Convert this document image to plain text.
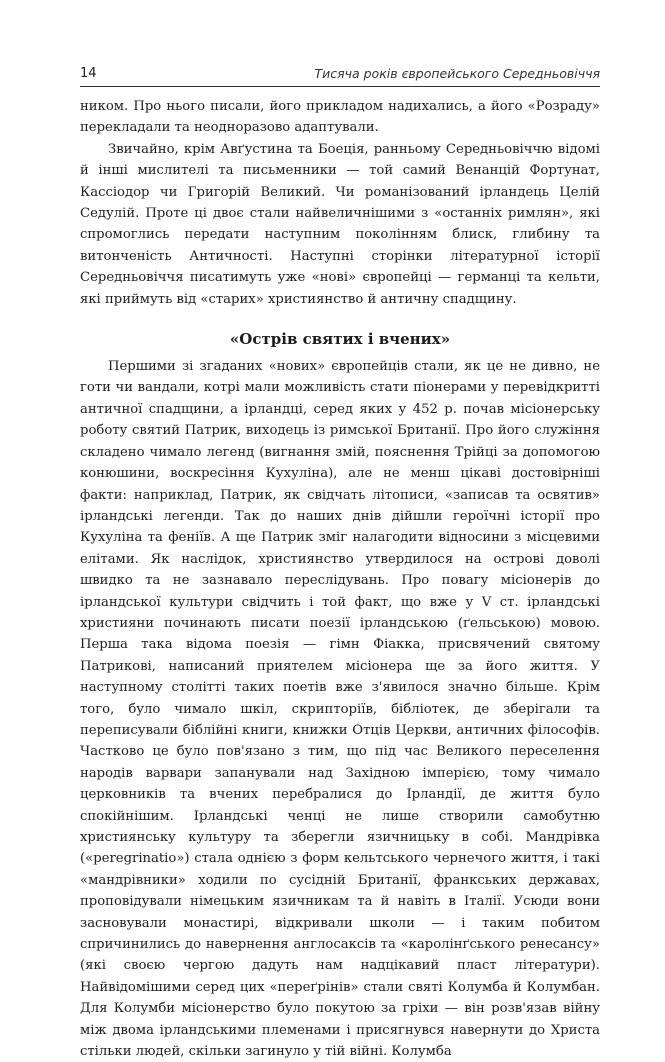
14	Тисяча років європейського Середньовіччя

ником. Про нього писали, його прикладом надихались, а його «Розраду» перекладали та неодноразово адаптували.

Звичайно, крім Авґустина та Боеція, ранньому Середньовіччю відомі й інші мислителі та письменники — той самий Венанцій Фортунат, Кассіодор чи Григорій Великий. Чи романізований ірландець Целій Седулій. Проте ці двоє стали найвеличнішими з «останніх римлян», які спромоглись передати наступним поколінням блиск, глибину та витонченість Античності. Наступні сторінки літературної історії Середньовіччя писатимуть уже «нові» європейці — германці та кельти, які приймуть від «старих» християнство й античну спадщину.

«Острів святих і вчених»

Першими зі згаданих «нових» європейців стали, як це не дивно, не готи чи вандали, котрі мали можливість стати піонерами у перевідкритті античної спадщини, а ірландці, серед яких у 452 р. почав місіонерську роботу святий Патрик, виходець із римської Британії. Про його служіння складено чимало легенд (вигнання змій, пояснення Трійці за допомогою конюшини, воскресіння Кухуліна), але не менш цікаві достовірніші факти: наприклад, Патрик, як свідчать літописи, «записав та освятив» ірландські легенди. Так до наших днів дійшли героїчні історії про Кухуліна та феніїв. А ще Патрик зміг налагодити відносини з місцевими елітами. Як наслідок, християнство утвердилося на острові доволі швидко та не зазнавало переслідувань. Про повагу місіонерів до ірландської культури свідчить і той факт, що вже у V ст. ірландські християни починають писати поезії ірландською (ґельською) мовою. Перша така відома поезія — гімн Фіакка, присвячений святому Патрикові, написаний приятелем місіонера ще за його життя. У наступному столітті таких поетів вже з'явилося значно більше. Крім того, було чимало шкіл, скрипторіїв, бібліотек, де зберігали та переписували біблійні книги, книжки Отців Церкви, античних філософів. Частково це було пов'язано з тим, що під час Великого переселення народів варвари запанували над Західною імперією, тому чимало церковників та вчених перебралися до Ірландії, де життя було спокійнішим. Ірландські ченці не лише створили самобутню християнську культуру та зберегли язичницьку в собі. Мандрівка («peregrinatio») стала однією з форм кельтського чернечого життя, і такі «мандрівники» ходили по сусідній Британії, франкських державах, проповідували німецьким язичникам та й навіть в Італії. Усюди вони засновували монастирі, відкривали школи — і таким побитом спричинились до навернення англосаксів та «каролінґського ренесансу» (які своєю чергою дадуть нам надцікавий пласт літератури). Найвідомішими серед цих «переґрінів» стали святі Колумба й Колумбан. Для Колумби місіонерство було покутою за гріхи — він розв'язав війну між двома ірландськими племенами і присягнувся навернути до Христа стільки людей, скільки загинуло у тій війні. Колумба
